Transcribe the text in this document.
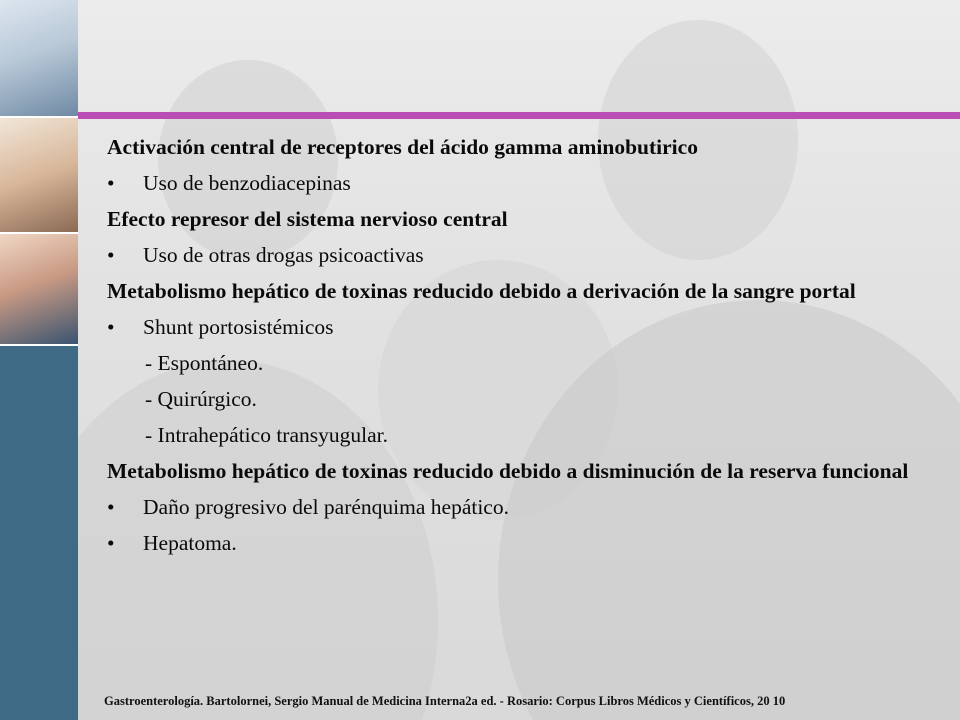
Activación central de receptores del ácido gamma aminobutirico
•	Uso de benzodiacepinas
Efecto represor del sistema nervioso central
•	Uso de otras drogas psicoactivas
Metabolismo hepático de toxinas reducido debido a derivación de la sangre portal
•	Shunt portosistémicos
- Espontáneo.
- Quirúrgico.
- Intrahepático transyugular.
Metabolismo hepático de toxinas reducido debido a disminución de la reserva funcional
•	Daño progresivo del parénquima hepático.
•	Hepatoma.
Gastroenterología. Bartolornei, Sergio Manual de Medicina Interna2a ed. - Rosario: Corpus Libros Médicos y Científicos, 20 10
